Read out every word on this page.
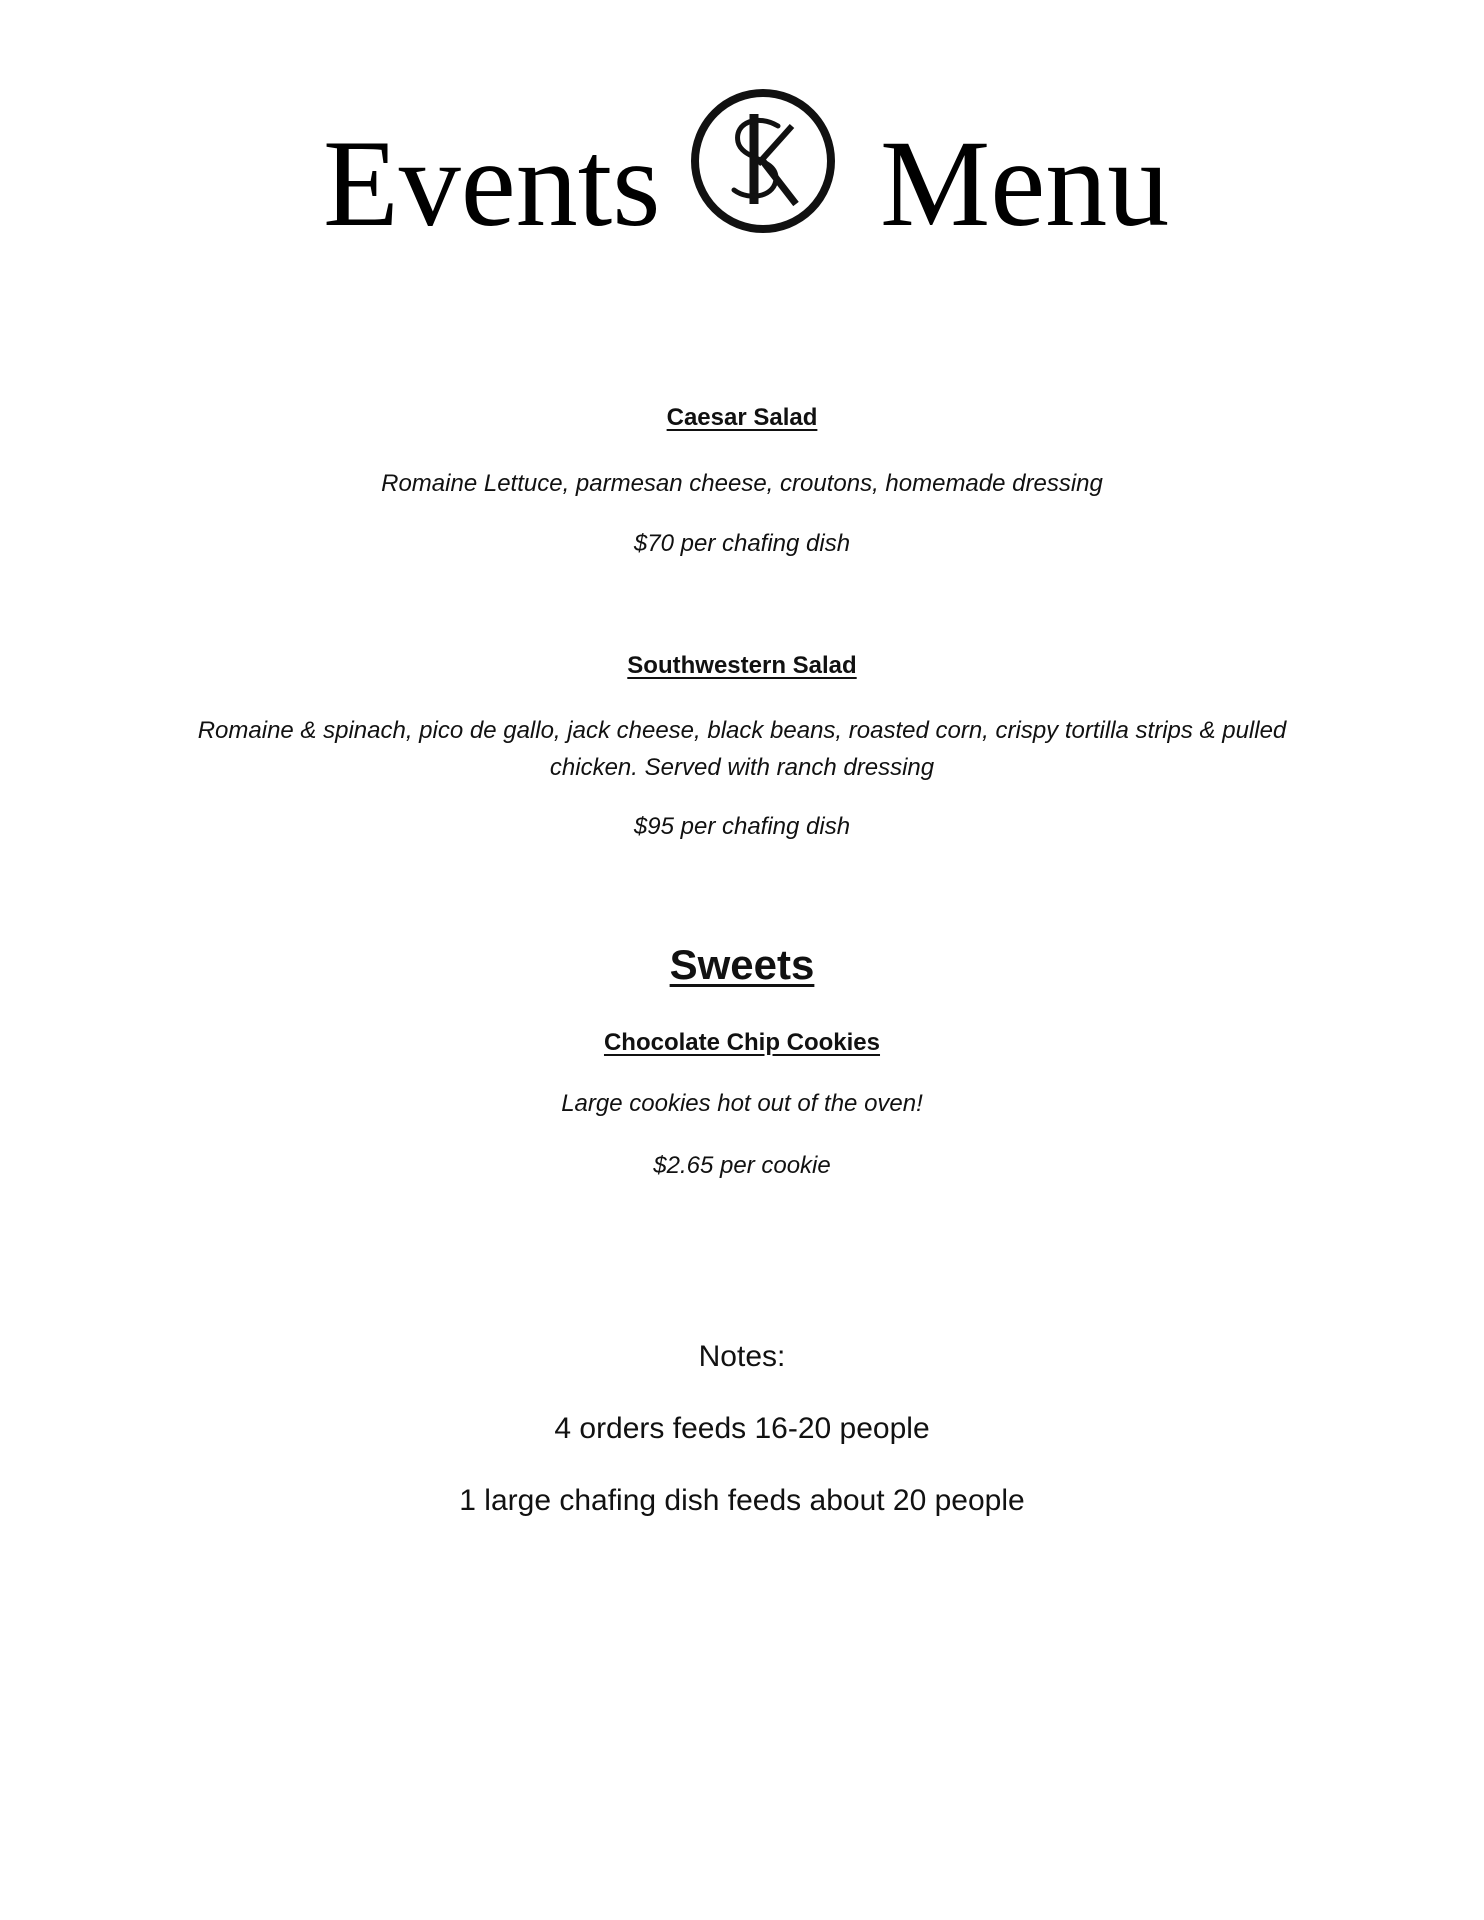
Events Menu
Caesar Salad
Romaine Lettuce, parmesan cheese, croutons, homemade dressing
$70 per chafing dish
Southwestern Salad
Romaine & spinach, pico de gallo, jack cheese, black beans, roasted corn, crispy tortilla strips & pulled chicken. Served with ranch dressing
$95 per chafing dish
Sweets
Chocolate Chip Cookies
Large cookies hot out of the oven!
$2.65 per cookie
Notes:
4 orders feeds 16-20 people
1 large chafing dish feeds about 20 people
